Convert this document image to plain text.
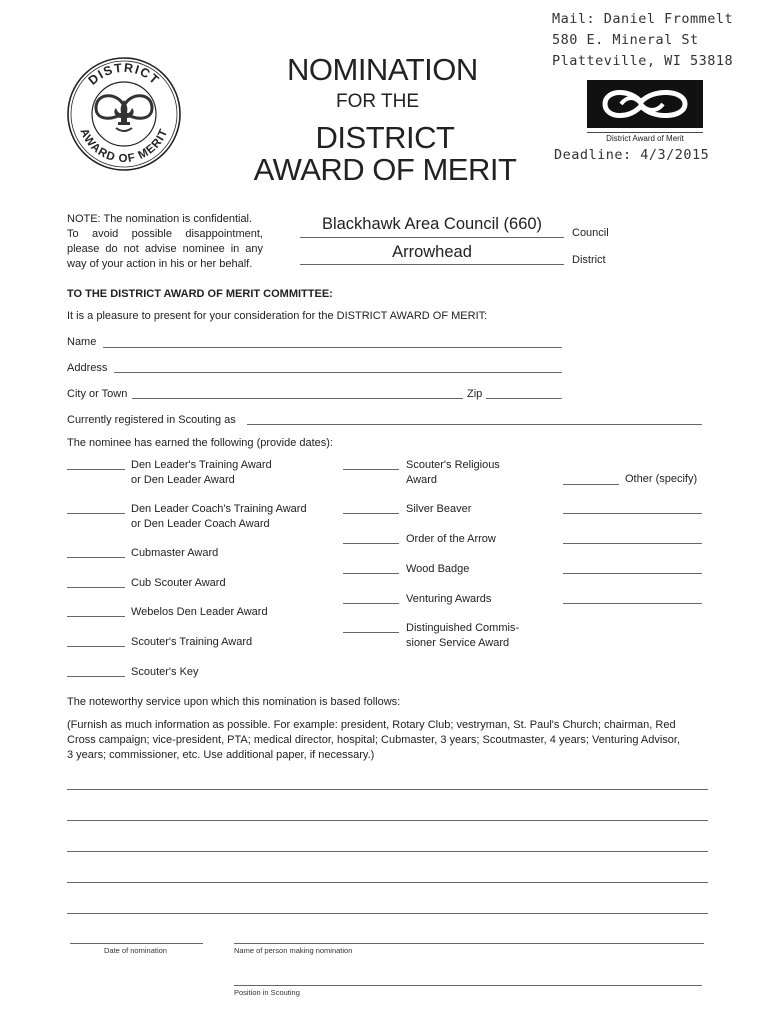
Mail: Daniel Frommelt
580 E. Mineral St
Platteville, WI 53818
DISTRICT
AWARD OF MERIT
NOMINATION
FOR THE
DISTRICT
AWARD OF MERIT
District Award of Merit
Deadline: 4/3/2015
NOTE: The nomination is confidential.
To avoid possible disappointment,
please do not advise nominee in any
way of your action in his or her behalf.
Blackhawk Area Council (660)	Council
Arrowhead	District
TO THE DISTRICT AWARD OF MERIT COMMITTEE:
It is a pleasure to present for your consideration for the DISTRICT AWARD OF MERIT:
Name
Address
City or Town	Zip
Currently registered in Scouting as
The nominee has earned the following (provide dates):
Den Leader's Training Award
or Den Leader Award
Den Leader Coach's Training Award
or Den Leader Coach Award
Cubmaster Award
Cub Scouter Award
Webelos Den Leader Award
Scouter's Training Award
Scouter's Key
Scouter's Religious
Award
Silver Beaver
Order of the Arrow
Wood Badge
Venturing Awards
Distinguished Commis-
sioner Service Award
Other (specify)
The noteworthy service upon which this nomination is based follows:
(Furnish as much information as possible. For example: president, Rotary Club; vestryman, St. Paul's Church; chairman, Red
Cross campaign; vice-president, PTA; medical director, hospital; Cubmaster, 3 years; Scoutmaster, 4 years; Venturing Advisor,
3 years; commissioner, etc. Use additional paper, if necessary.)
Date of nomination	Name of person making nomination
Position in Scouting
